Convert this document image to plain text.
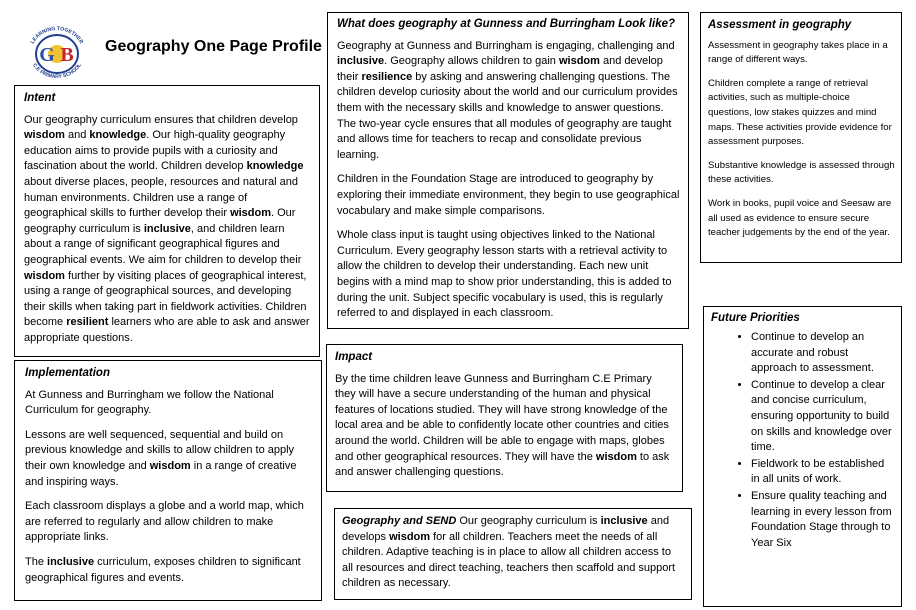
G B
LEARNING TOGETHER
C.E PRIMARY SCHOOL
Geography One Page Profile
Intent

Our geography curriculum ensures that children develop wisdom and knowledge. Our high-quality geography education aims to provide pupils with a curiosity and fascination about the world. Children develop knowledge about diverse places, people, resources and natural and human environments. Children use a range of geographical skills to further develop their wisdom. Our geography curriculum is inclusive, and children learn about a range of significant geographical figures and geographical events. We aim for children to develop their wisdom further by visiting places of geographical interest, using a range of geographical sources, and developing their skills when taking part in fieldwork activities. Children become resilient learners who are able to ask and answer appropriate questions.

Implementation

At Gunness and Burringham we follow the National Curriculum for geography.

Lessons are well sequenced, sequential and build on previous knowledge and skills to allow children to apply their own knowledge and wisdom in a range of creative and inspiring ways.

Each classroom displays a globe and a world map, which are referred to regularly and allow children to make appropriate links.

The inclusive curriculum, exposes children to significant geographical figures and events.

What does geography at Gunness and Burringham Look like?

Geography at Gunness and Burringham is engaging, challenging and inclusive. Geography allows children to gain wisdom and develop their resilience by asking and answering challenging questions. The children develop curiosity about the world and our curriculum provides them with the necessary skills and knowledge to answer questions. The two-year cycle ensures that all modules of geography are taught and allows time for teachers to recap and consolidate previous learning.

Children in the Foundation Stage are introduced to geography by exploring their immediate environment, they begin to use geographical vocabulary and make simple comparisons.

Whole class input is taught using objectives linked to the National Curriculum. Every geography lesson starts with a retrieval activity to allow the children to develop their understanding. Each new unit begins with a mind map to show prior understanding, this is added to during the unit. Subject specific vocabulary is used, this is regularly referred to and displayed in each classroom.

Impact

By the time children leave Gunness and Burringham C.E Primary they will have a secure understanding of the human and physical features of locations studied. They will have strong knowledge of the local area and be able to confidently locate other countries and cities around the world. Children will be able to engage with maps, globes and other geographical resources. They will have the wisdom to ask and answer challenging questions.

Geography and SEND Our geography curriculum is inclusive and develops wisdom for all children. Teachers meet the needs of all children. Adaptive teaching is in place to allow all children access to all resources and direct teaching, teachers then scaffold and support children as necessary.

Assessment in geography

Assessment in geography takes place in a range of different ways.

Children complete a range of retrieval activities, such as multiple-choice questions, low stakes quizzes and mind maps. These activities provide evidence for assessment purposes.

Substantive knowledge is assessed through these activities.

Work in books, pupil voice and Seesaw are all used as evidence to ensure secure teacher judgements by the end of the year.

Future Priorities
• Continue to develop an accurate and robust approach to assessment.
• Continue to develop a clear and concise curriculum, ensuring opportunity to build on skills and knowledge over time.
• Fieldwork to be established in all units of work.
• Ensure quality teaching and learning in every lesson from Foundation Stage through to Year Six
